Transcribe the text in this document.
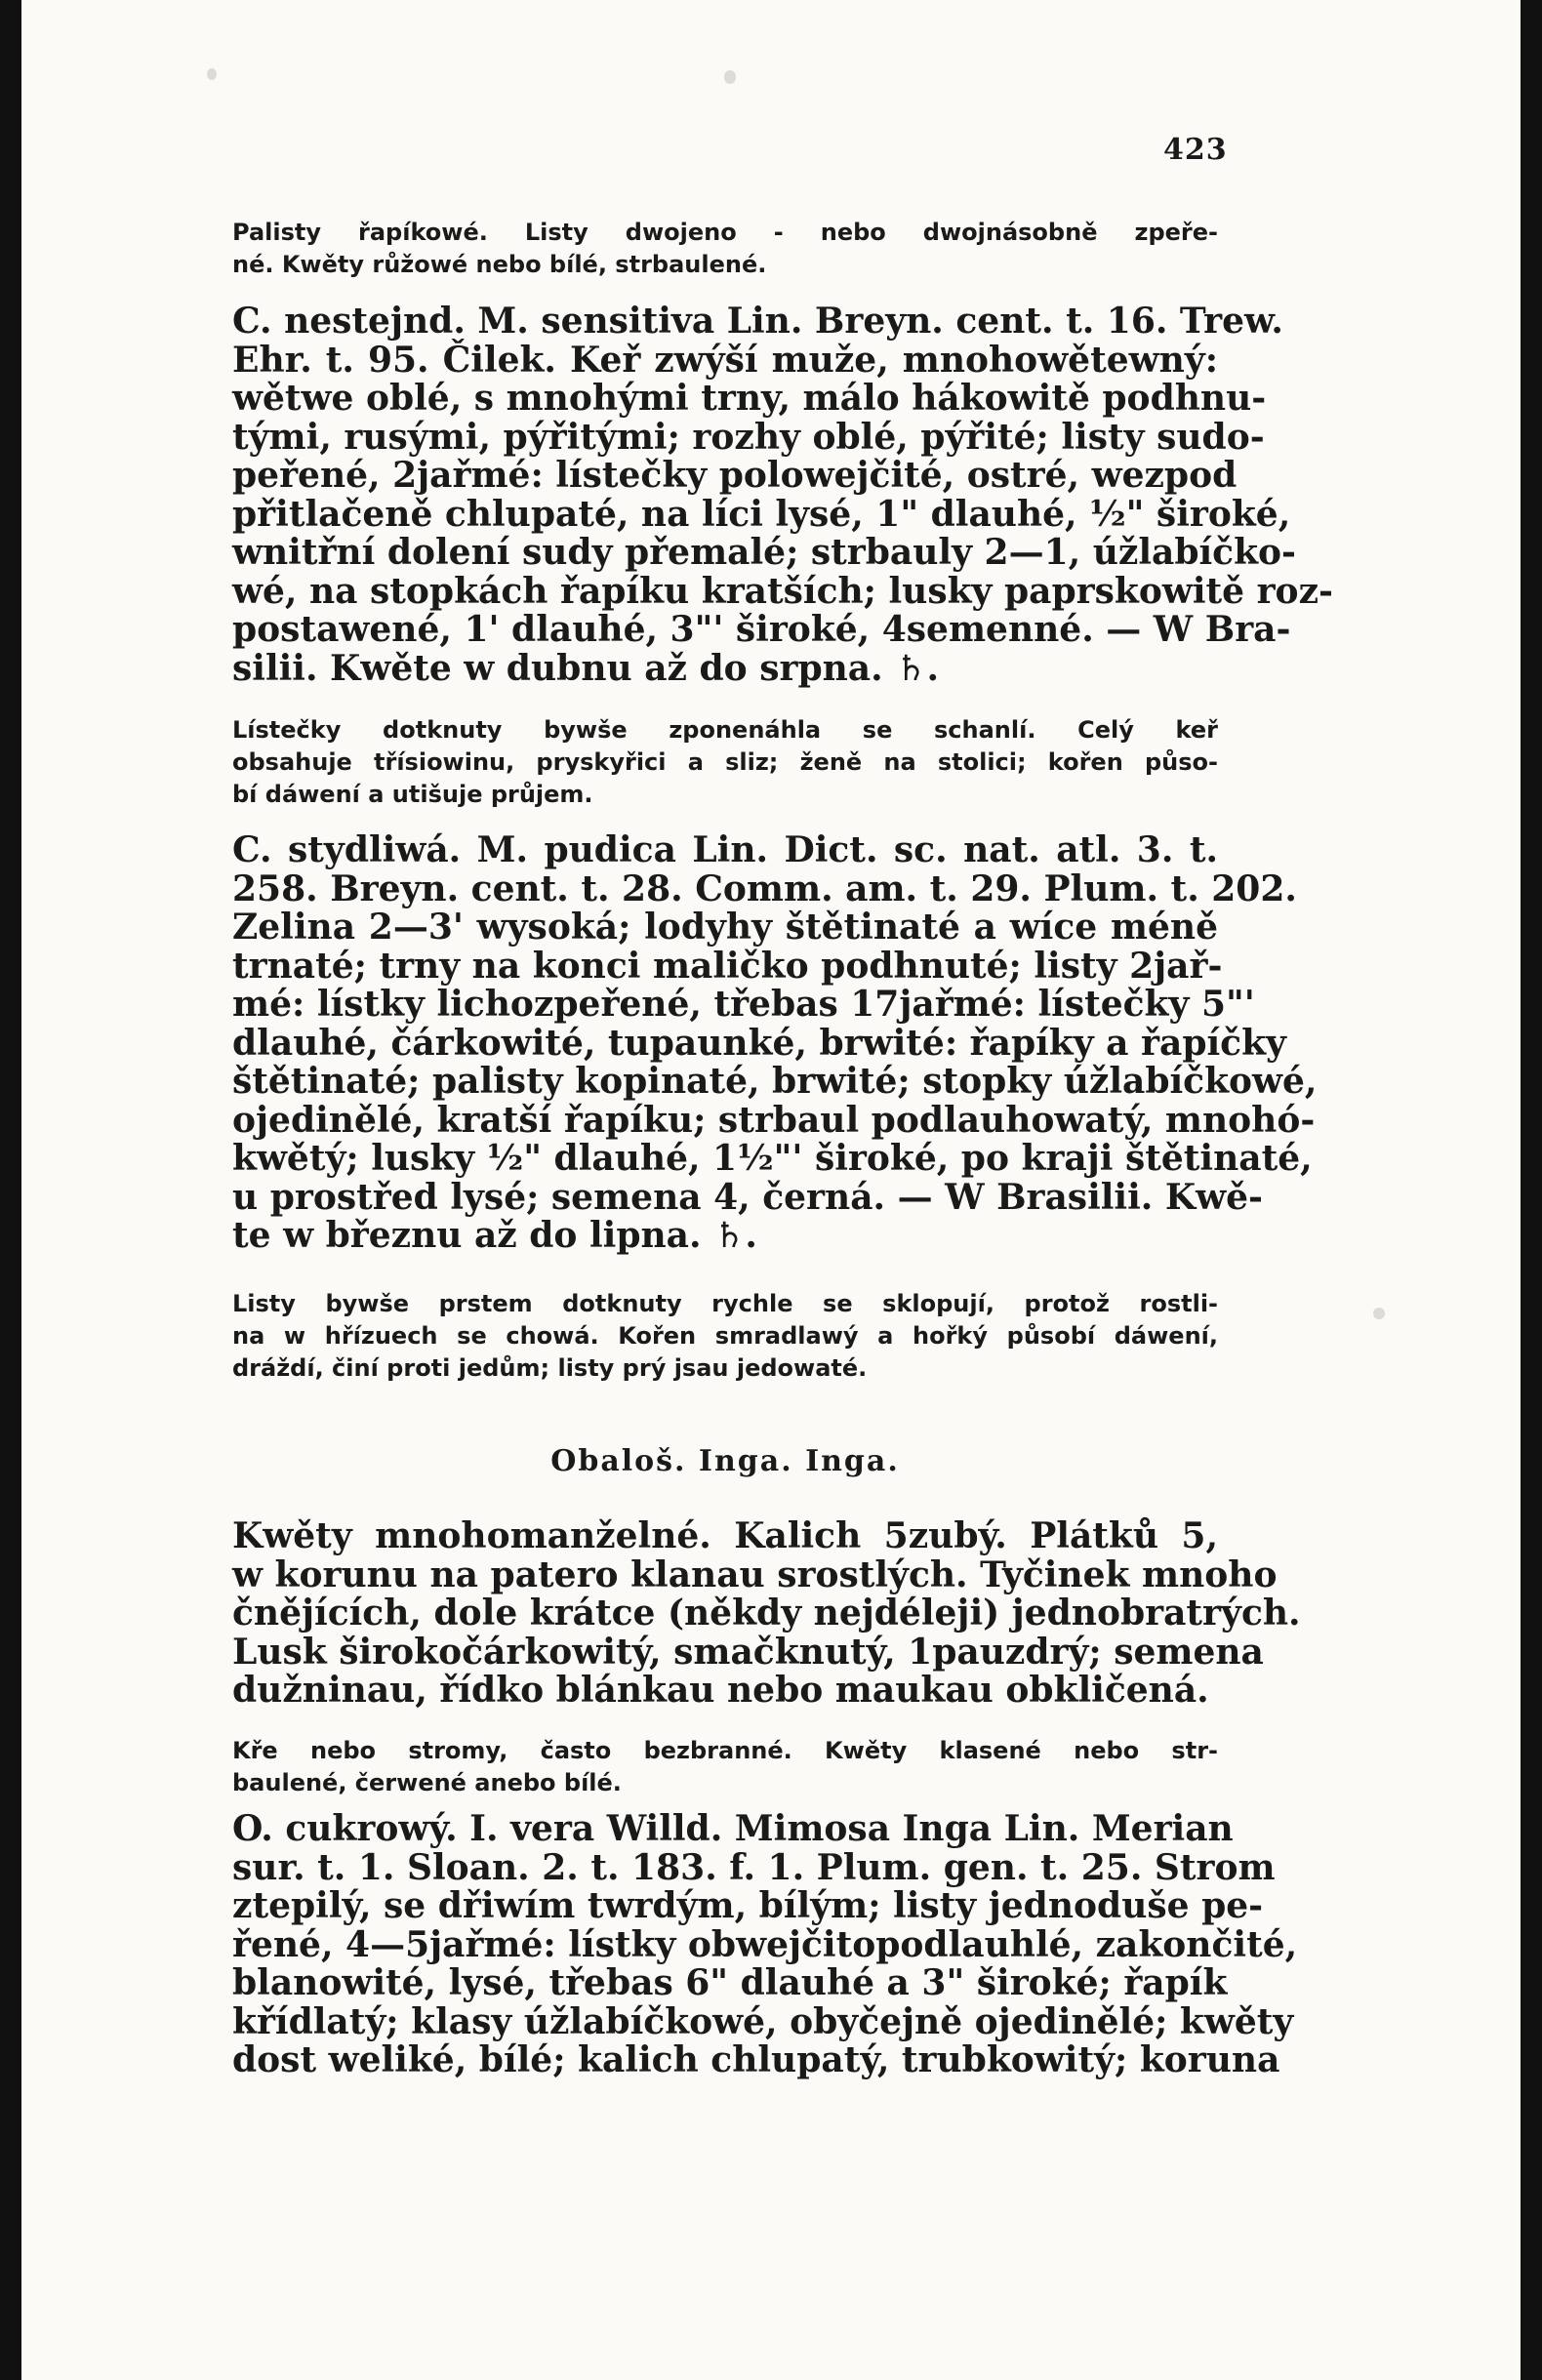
423

Palisty řapíkowé. Listy dwojeno - nebo dwojnásobně zpeře-
né. Kwěty růžowé nebo bílé, strbaulené.

C. nestejnd. M. sensitiva Lin. Breyn. cent. t. 16. Trew.
Ehr. t. 95. Čilek. Keř zwýší muže, mnohowětewný:
wětwe oblé, s mnohými trny, málo hákowitě podhnu-
tými, rusými, pýřitými; rozhy oblé, pýřité; listy sudo-
peřené, 2jařmé: lístečky polowejčité, ostré, wezpod
přitlačeně chlupaté, na líci lysé, 1" dlauhé, ½" široké,
wnitřní dolení sudy přemalé; strbauly 2—1, úžlabíčko-
wé, na stopkách řapíku kratších; lusky paprskowitě roz-
postawené, 1' dlauhé, 3"' široké, 4semenné. — W Bra-
silii. Kwěte w dubnu až do srpna. ♄.

Lístečky dotknuty bywše zponenáhla se schanlí. Celý keř
obsahuje třísiowinu, pryskyřici a sliz; ženě na stolici; kořen půso-
bí dáwení a utišuje průjem.

C. stydliwá. M. pudica Lin. Dict. sc. nat. atl. 3. t.
258. Breyn. cent. t. 28. Comm. am. t. 29. Plum. t. 202.
Zelina 2—3' wysoká; lodyhy štětinaté a wíce méně
trnaté; trny na konci maličko podhnuté; listy 2jař-
mé: lístky lichozpeřené, třebas 17jařmé: lístečky 5"'
dlauhé, čárkowité, tupaunké, brwité: řapíky a řapíčky
štětinaté; palisty kopinaté, brwité; stopky úžlabíčkowé,
ojedinělé, kratší řapíku; strbaul podlauhowatý, mnohó-
kwětý; lusky ½" dlauhé, 1½"' široké, po kraji štětinaté,
u prostřed lysé; semena 4, černá. — W Brasilii. Kwě-
te w březnu až do lipna. ♄.

Listy bywše prstem dotknuty rychle se sklopují, protož rostli-
na w hřízuech se chowá. Kořen smradlawý a hořký působí dáwení,
dráždí, činí proti jedům; listy prý jsau jedowaté.

Obaloš. Inga. Inga.

Kwěty mnohomanželné. Kalich 5zubý. Plátků 5,
w korunu na patero klanau srostlých. Tyčinek mnoho
čnějících, dole krátce (někdy nejdéleji) jednobratrých.
Lusk širokočárkowitý, smačknutý, 1pauzdrý; semena
dužninau, řídko blánkau nebo maukau obkličená.

Kře nebo stromy, často bezbranné. Kwěty klasené nebo str-
baulené, čerwené anebo bílé.

O. cukrowý. I. vera Willd. Mimosa Inga Lin. Merian
sur. t. 1. Sloan. 2. t. 183. f. 1. Plum. gen. t. 25. Strom
ztepilý, se dřiwím twrdým, bílým; listy jednoduše pe-
řené, 4—5jařmé: lístky obwejčitopodlauhlé, zakončité,
blanowité, lysé, třebas 6" dlauhé a 3" široké; řapík
křídlatý; klasy úžlabíčkowé, obyčejně ojedinělé; kwěty
dost weliké, bílé; kalich chlupatý, trubkowitý; koruna
